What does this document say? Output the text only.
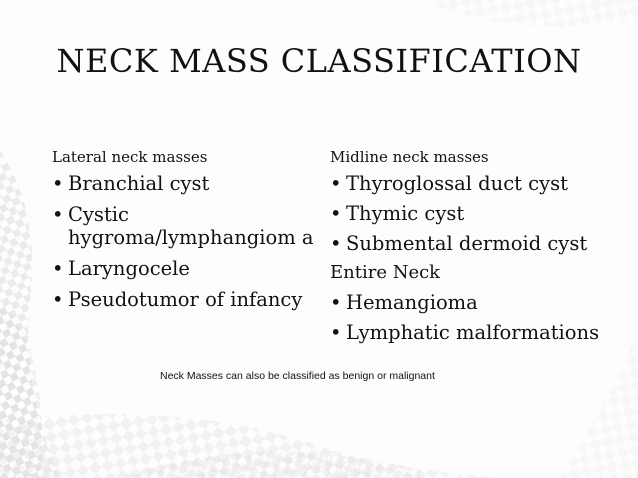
NECK MASS CLASSIFICATION
Lateral neck masses
• Branchial cyst
• Cystic hygroma/lymphangiom a
• Laryngocele
• Pseudotumor of infancy
Midline neck masses
• Thyroglossal duct cyst
• Thymic cyst
• Submental dermoid cyst
Entire Neck
• Hemangioma
• Lymphatic malformations
Neck Masses can also be classified as benign or malignant
